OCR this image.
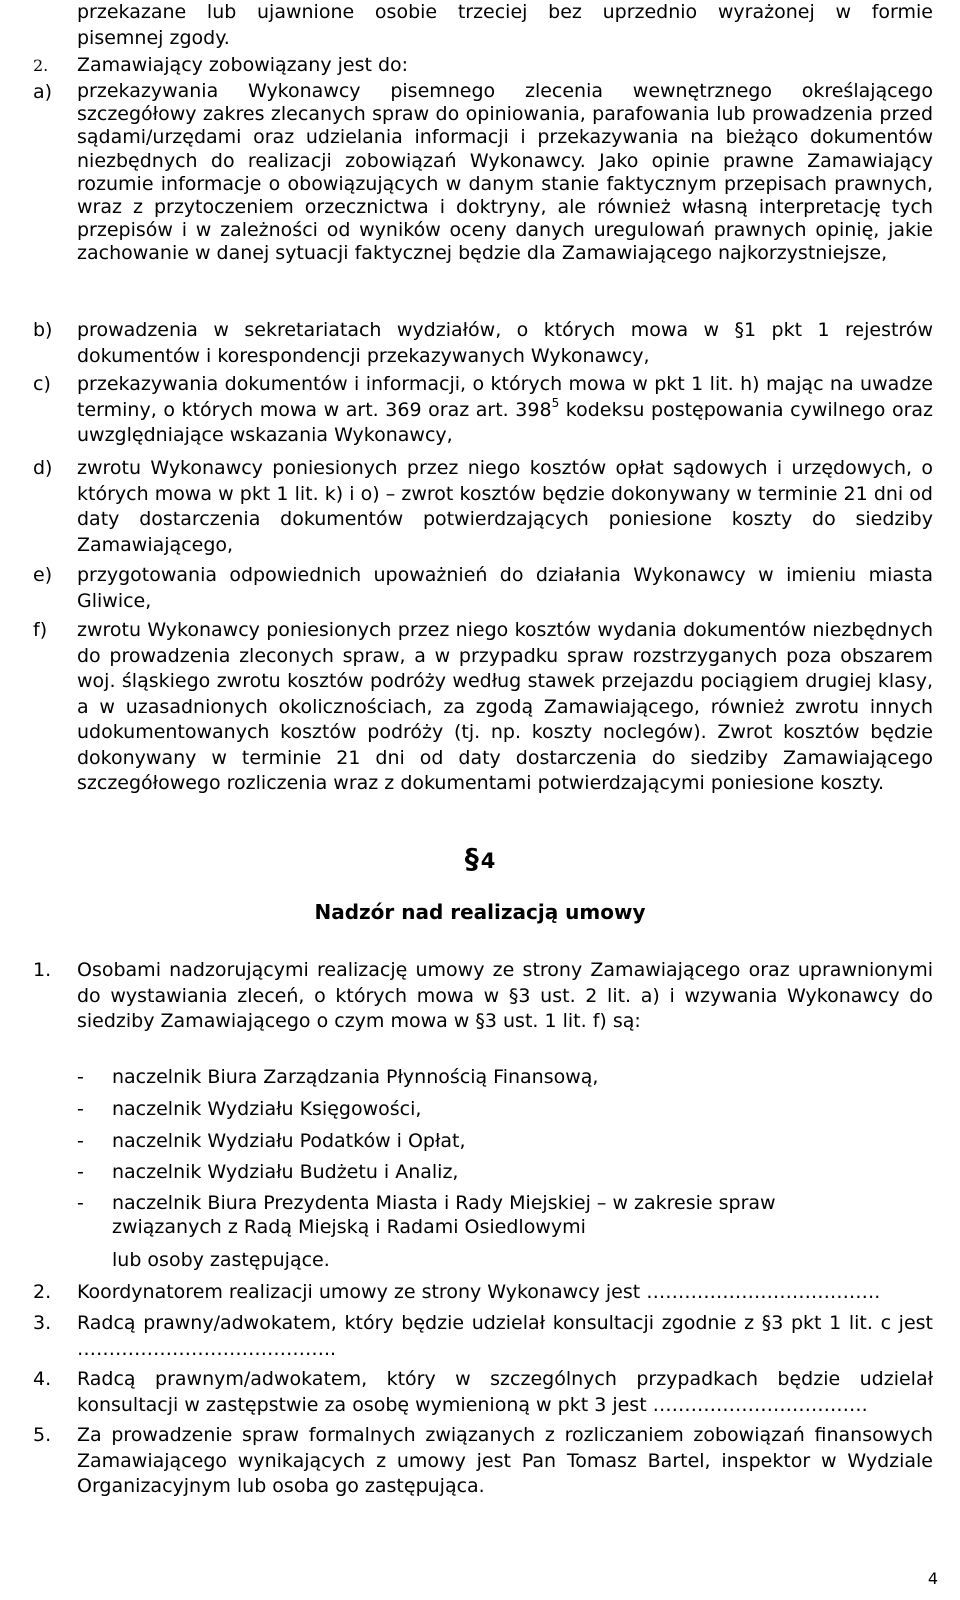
przekazane lub ujawnione osobie trzeciej bez uprzednio wyrażonej w formie
pisemnej zgody.
2. Zamawiający zobowiązany jest do:
a)	przekazywania Wykonawcy pisemnego zlecenia wewnętrznego określającego szczegółowy zakres zlecanych spraw do opiniowania, parafowania lub prowadzenia przed sądami/urzędami oraz udzielania informacji i przekazywania na bieżąco dokumentów niezbędnych do realizacji zobowiązań Wykonawcy. Jako opinie prawne Zamawiający rozumie informacje o obowiązujących w danym stanie faktycznym przepisach prawnych, wraz z przytoczeniem orzecznictwa i doktryny, ale również własną interpretację tych przepisów i w zależności od wyników oceny danych uregulowań prawnych opinię, jakie zachowanie w danej sytuacji faktycznej będzie dla Zamawiającego najkorzystniejsze,
b)	prowadzenia w sekretariatach wydziałów, o których mowa w §1 pkt 1 rejestrów dokumentów i korespondencji przekazywanych Wykonawcy,
c)	przekazywania dokumentów i informacji, o których mowa w pkt 1 lit. h) mając na uwadze terminy, o których mowa w art. 369 oraz art. $398^5$ kodeksu postępowania cywilnego oraz uwzględniające wskazania Wykonawcy,
d)	zwrotu Wykonawcy poniesionych przez niego kosztów opłat sądowych i urzędowych, o których mowa w pkt 1 lit. k) i o) – zwrot kosztów będzie dokonywany w terminie 21 dni od daty dostarczenia dokumentów potwierdzających poniesione koszty do siedziby Zamawiającego,
e)	przygotowania odpowiednich upoważnień do działania Wykonawcy w imieniu miasta Gliwice,
f)	zwrotu Wykonawcy poniesionych przez niego kosztów wydania dokumentów niezbędnych do prowadzenia zleconych spraw, a w przypadku spraw rozstrzyganych poza obszarem woj. śląskiego zwrotu kosztów podróży według stawek przejazdu pociągiem drugiej klasy, a w uzasadnionych okolicznościach, za zgodą Zamawiającego, również zwrotu innych udokumentowanych kosztów podróży (tj. np. koszty noclegów). Zwrot kosztów będzie dokonywany w terminie 21 dni od daty dostarczenia do siedziby Zamawiającego szczegółowego rozliczenia wraz z dokumentami potwierdzającymi poniesione koszty.
§4
Nadzór nad realizacją umowy
1.	Osobami nadzorującymi realizację umowy ze strony Zamawiającego oraz uprawnionymi do wystawiania zleceń, o których mowa w §3 ust. 2 lit. a) i wzywania Wykonawcy do siedziby Zamawiającego o czym mowa w §3 ust. 1 lit. f) są:
- naczelnik Biura Zarządzania Płynnością Finansową,
- naczelnik Wydziału Księgowości,
- naczelnik Wydziału Podatków i Opłat,
- naczelnik Wydziału Budżetu i Analiz,
- naczelnik Biura Prezydenta Miasta i Rady Miejskiej – w zakresie spraw związanych z Radą Miejską i Radami Osiedlowymi
lub osoby zastępujące.
2.	Koordynatorem realizacji umowy ze strony Wykonawcy jest ……………………………….
3.	Radcą prawny/adwokatem, który będzie udzielał konsultacji zgodnie z §3 pkt 1 lit. c jest …………………………………..
4.	Radcą prawnym/adwokatem, który w szczególnych przypadkach będzie udzielał konsultacji w zastępstwie za osobę wymienioną w pkt 3 jest …………………………….
5.	Za prowadzenie spraw formalnych związanych z rozliczaniem zobowiązań finansowych Zamawiającego wynikających z umowy jest Pan Tomasz Bartel, inspektor w Wydziale Organizacyjnym lub osoba go zastępująca.
4
